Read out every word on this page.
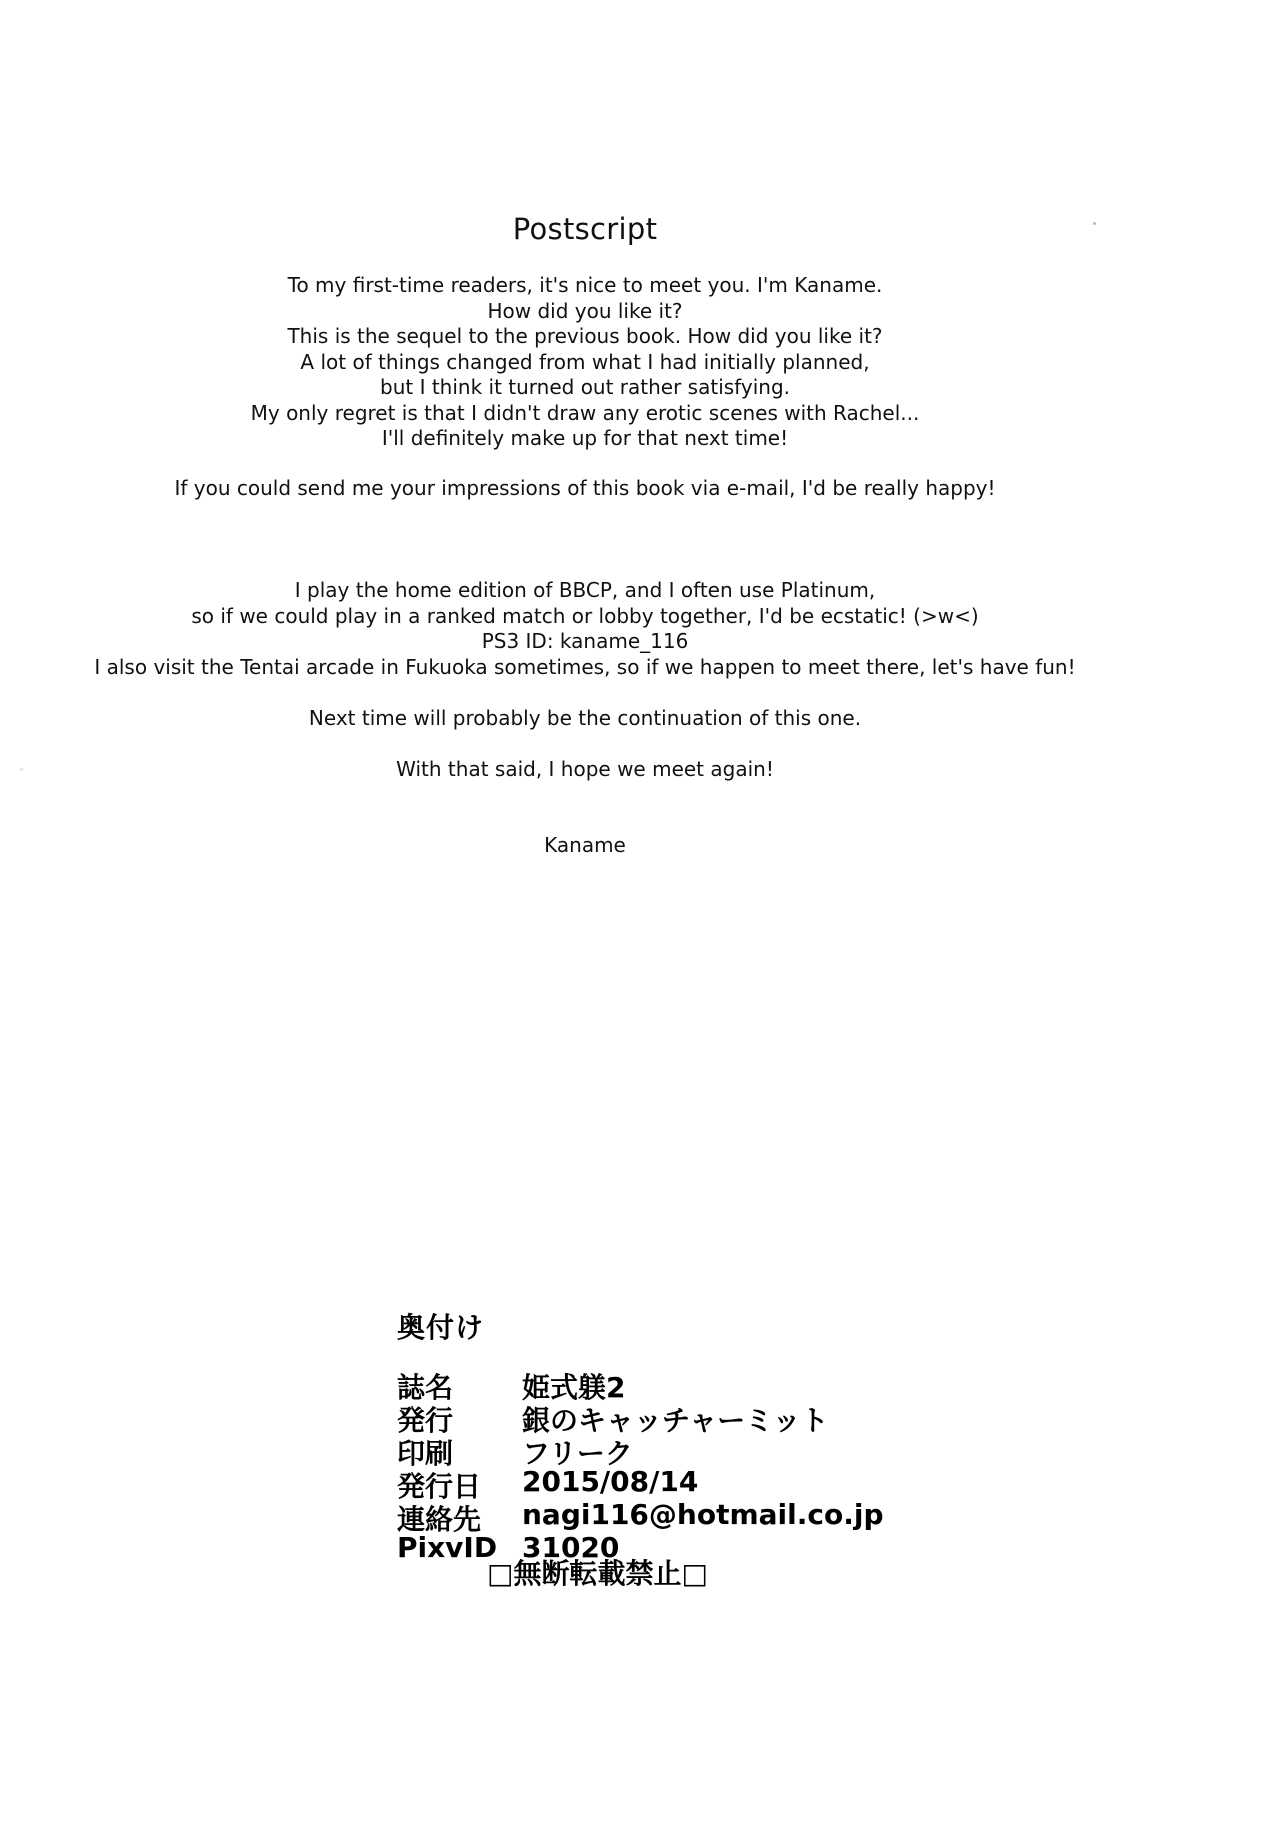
Postscript
To my first-time readers, it's nice to meet you. I'm Kaname.
How did you like it?
This is the sequel to the previous book. How did you like it?
A lot of things changed from what I had initially planned,
but I think it turned out rather satisfying.
My only regret is that I didn't draw any erotic scenes with Rachel...
I'll definitely make up for that next time!
If you could send me your impressions of this book via e-mail, I'd be really happy!
I play the home edition of BBCP, and I often use Platinum,
so if we could play in a ranked match or lobby together, I'd be ecstatic! (>w<)
PS3 ID: kaname_116
I also visit the Tentai arcade in Fukuoka sometimes, so if we happen to meet there, let's have fun!
Next time will probably be the continuation of this one.
With that said, I hope we meet again!
Kaname
奥付け
誌名 姫式躾2
発行 銀のキャッチャーミット
印刷 フリーク
発行日 2015/08/14
連絡先 nagi116@hotmail.co.jp
PixvID 31020
□無断転載禁止□
